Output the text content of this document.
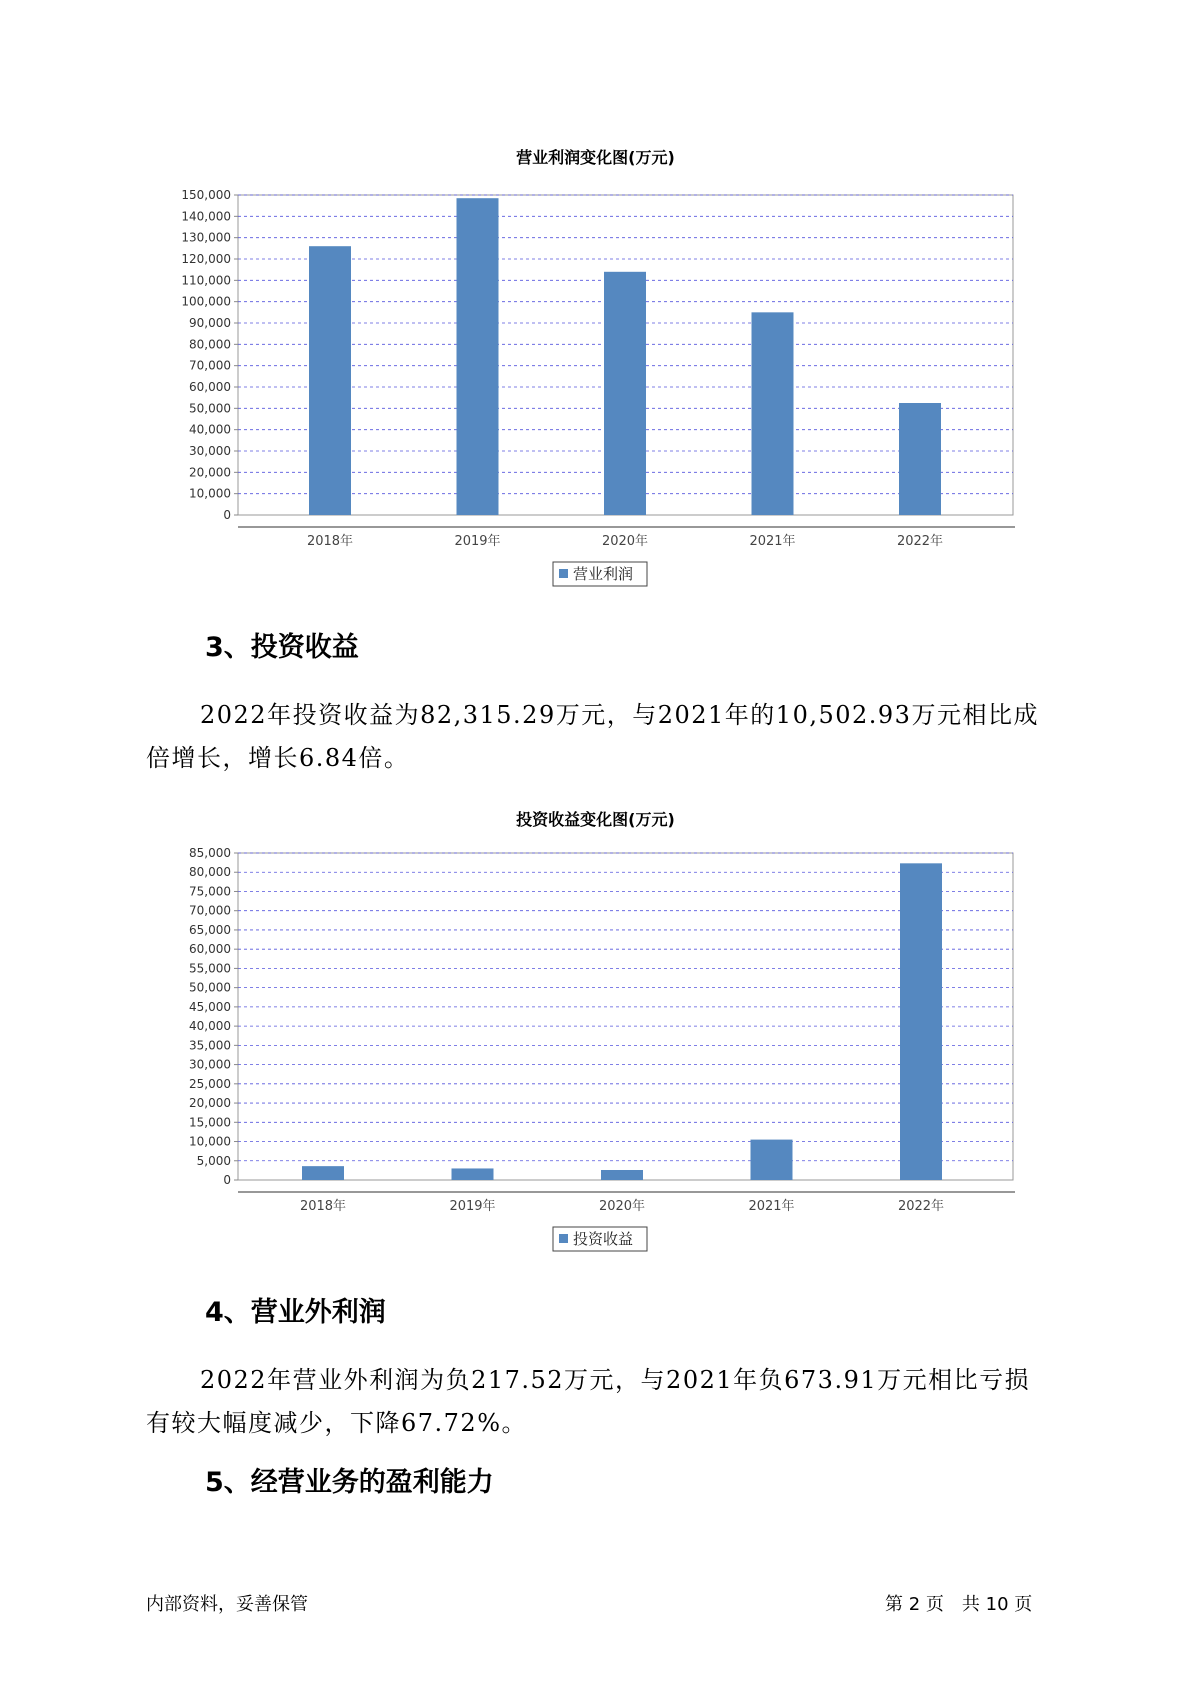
营业利润变化图(万元)
0
10,000
20,000
30,000
40,000
50,000
60,000
70,000
80,000
90,000
100,000
110,000
120,000
130,000
140,000
150,000
2018年	2019年	2020年	2021年	2022年
营业利润
3、投资收益
2022年投资收益为82,315.29万元，与2021年的10,502.93万元相比成
倍增长，增长6.84倍。
投资收益变化图(万元)
0
5,000
10,000
15,000
20,000
25,000
30,000
35,000
40,000
45,000
50,000
55,000
60,000
65,000
70,000
75,000
80,000
85,000
2018年	2019年	2020年	2021年	2022年
投资收益
4、营业外利润
2022年营业外利润为负217.52万元，与2021年负673.91万元相比亏损
有较大幅度减少，下降67.72%。
5、经营业务的盈利能力
内部资料，妥善保管	第 2 页　共 10 页
